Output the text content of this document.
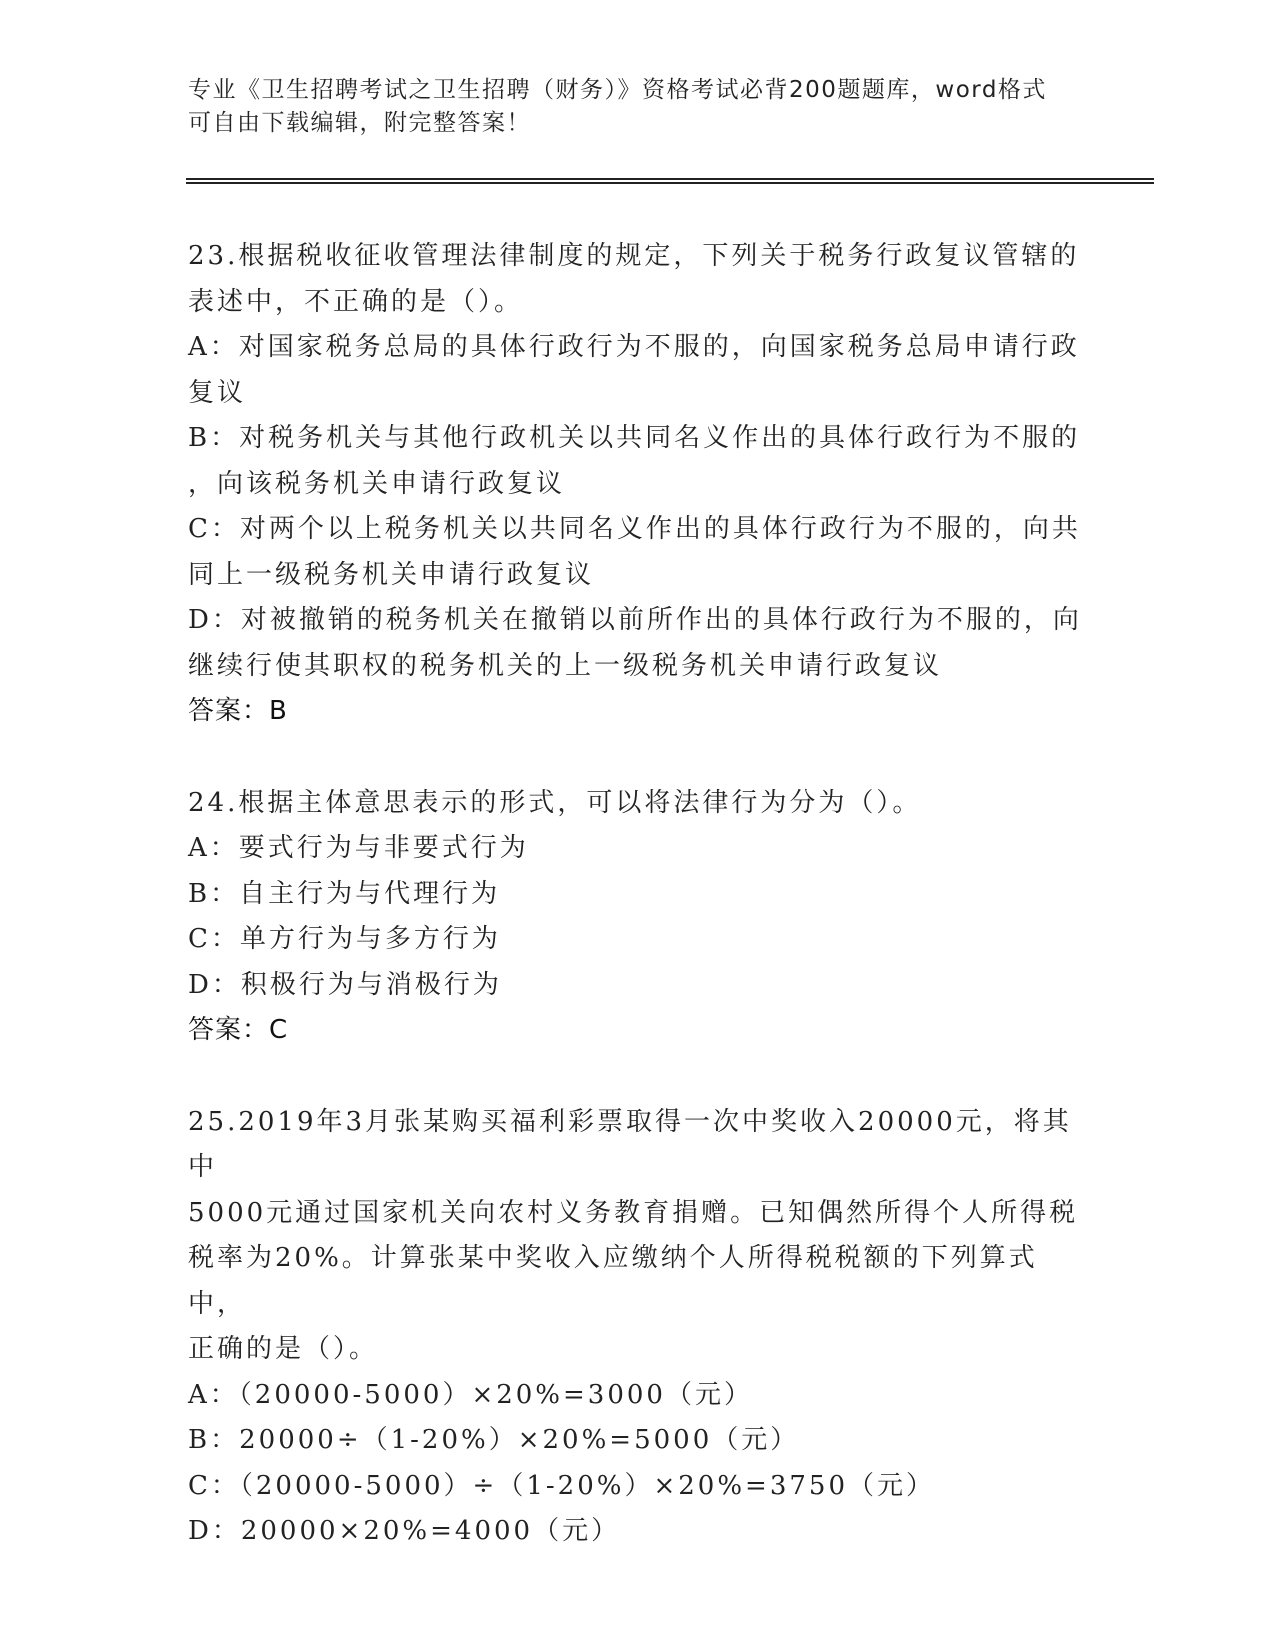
专业《卫生招聘考试之卫生招聘（财务）》资格考试必背200题题库，word格式
可自由下载编辑，附完整答案！
23.根据税收征收管理法律制度的规定，下列关于税务行政复议管辖的
表述中，不正确的是（）。
A：对国家税务总局的具体行政行为不服的，向国家税务总局申请行政
复议
B：对税务机关与其他行政机关以共同名义作出的具体行政行为不服的
，向该税务机关申请行政复议
C：对两个以上税务机关以共同名义作出的具体行政行为不服的，向共
同上一级税务机关申请行政复议
D：对被撤销的税务机关在撤销以前所作出的具体行政行为不服的，向
继续行使其职权的税务机关的上一级税务机关申请行政复议
答案：B
24.根据主体意思表示的形式，可以将法律行为分为（）。
A：要式行为与非要式行为
B：自主行为与代理行为
C：单方行为与多方行为
D：积极行为与消极行为
答案：C
25.2019年3月张某购买福利彩票取得一次中奖收入20000元，将其中
5000元通过国家机关向农村义务教育捐赠。已知偶然所得个人所得税
税率为20%。计算张某中奖收入应缴纳个人所得税税额的下列算式中，
正确的是（）。
A：（20000-5000）×20%=3000（元）
B：20000÷（1-20%）×20%=5000（元）
C：（20000-5000）÷（1-20%）×20%=3750（元）
D：20000×20%=4000（元）
